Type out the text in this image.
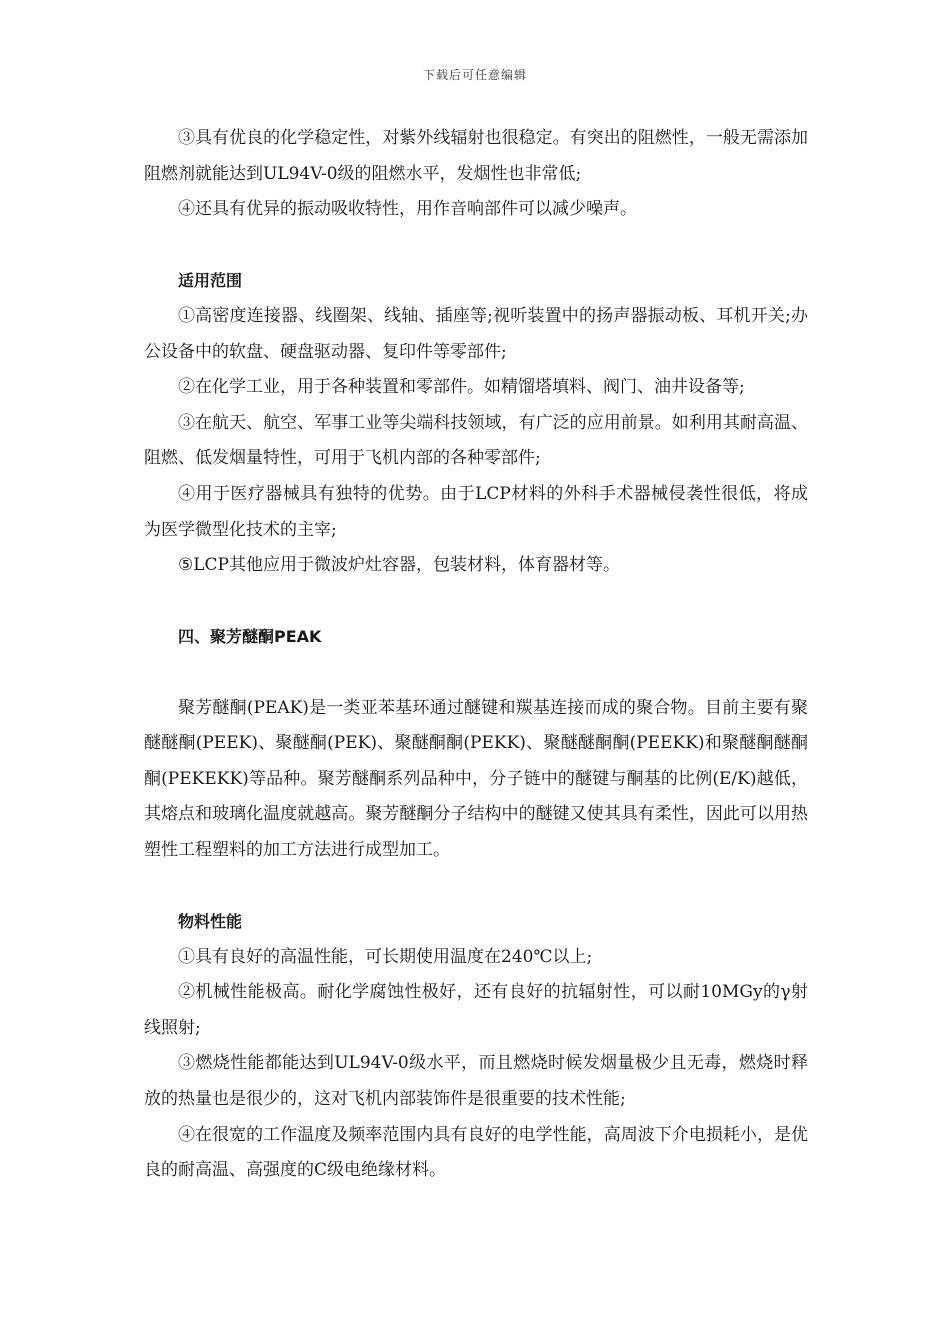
下载后可任意编辑

③具有优良的化学稳定性，对紫外线辐射也很稳定。有突出的阻燃性，一般无需添加阻燃剂就能达到UL94V-0级的阻燃水平，发烟性也非常低;

④还具有优异的振动吸收特性，用作音响部件可以减少噪声。

适用范围

①高密度连接器、线圈架、线轴、插座等;视听装置中的扬声器振动板、耳机开关;办公设备中的软盘、硬盘驱动器、复印件等零部件;

②在化学工业，用于各种装置和零部件。如精馏塔填料、阀门、油井设备等;

③在航天、航空、军事工业等尖端科技领域，有广泛的应用前景。如利用其耐高温、阻燃、低发烟量特性，可用于飞机内部的各种零部件;

④用于医疗器械具有独特的优势。由于LCP材料的外科手术器械侵袭性很低，将成为医学微型化技术的主宰;

⑤LCP其他应用于微波炉灶容器，包装材料，体育器材等。

四、聚芳醚酮PEAK

聚芳醚酮(PEAK)是一类亚苯基环通过醚键和羰基连接而成的聚合物。目前主要有聚醚醚酮(PEEK)、聚醚酮(PEK)、聚醚酮酮(PEKK)、聚醚醚酮酮(PEEKK)和聚醚酮醚酮酮(PEKEKK)等品种。聚芳醚酮系列品种中，分子链中的醚键与酮基的比例(E/K)越低，其熔点和玻璃化温度就越高。聚芳醚酮分子结构中的醚键又使其具有柔性，因此可以用热塑性工程塑料的加工方法进行成型加工。

物料性能

①具有良好的高温性能，可长期使用温度在240℃以上;

②机械性能极高。耐化学腐蚀性极好，还有良好的抗辐射性，可以耐10MGy的γ射线照射;

③燃烧性能都能达到UL94V-0级水平，而且燃烧时候发烟量极少且无毒，燃烧时释放的热量也是很少的，这对飞机内部装饰件是很重要的技术性能;

④在很宽的工作温度及频率范围内具有良好的电学性能，高周波下介电损耗小，是优良的耐高温、高强度的C级电绝缘材料。
